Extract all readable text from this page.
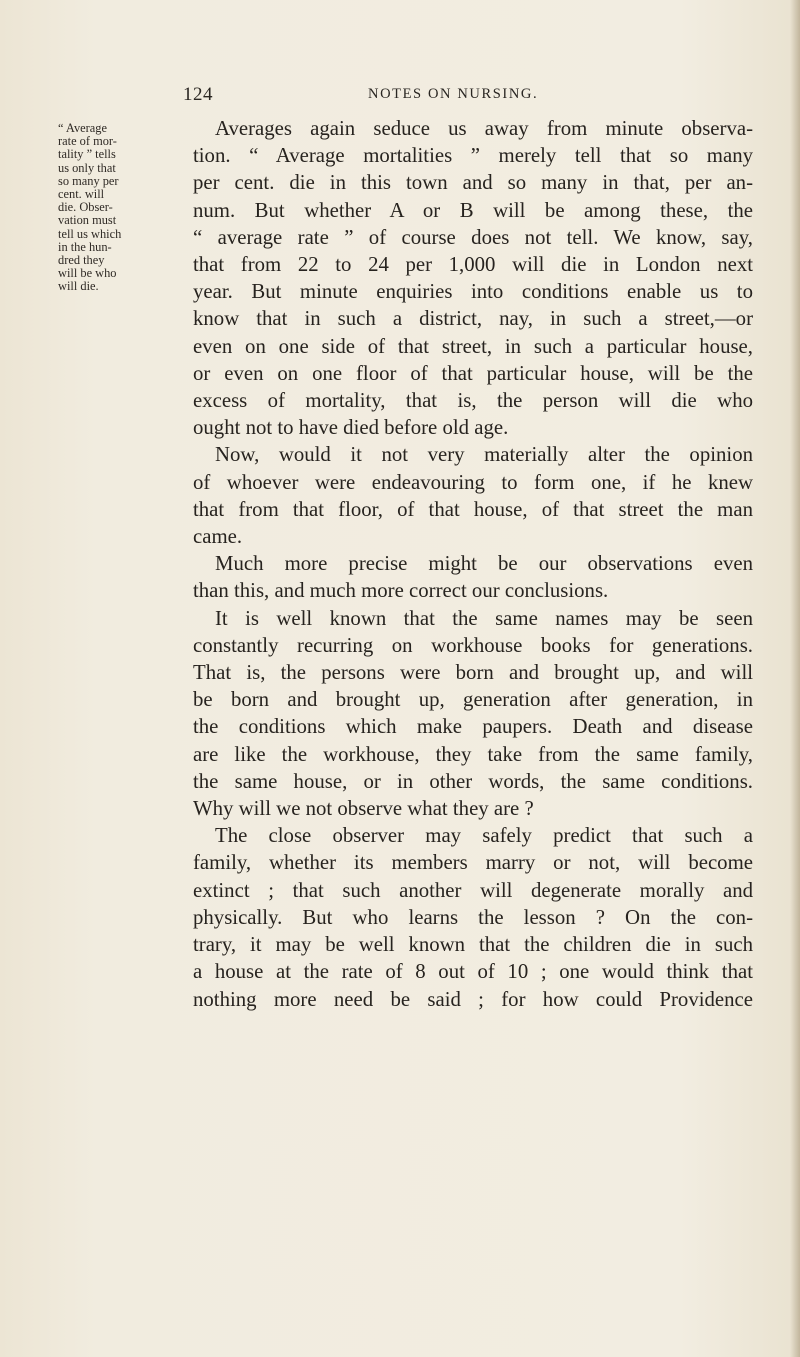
124	NOTES ON NURSING.
“ Average
rate of mor-
tality ” tells
us only that
so many per
cent. will
die. Obser-
vation must
tell us which
in the hun-
dred they
will be who
will die.
Averages again seduce us away from minute observa-
tion. “ Average mortalities ” merely tell that so many
per cent. die in this town and so many in that, per an-
num. But whether A or B will be among these, the
“ average rate ” of course does not tell. We know, say,
that from 22 to 24 per 1,000 will die in London next
year. But minute enquiries into conditions enable us to
know that in such a district, nay, in such a street,—or
even on one side of that street, in such a particular house,
or even on one floor of that particular house, will be the
excess of mortality, that is, the person will die who
ought not to have died before old age.
Now, would it not very materially alter the opinion
of whoever were endeavouring to form one, if he knew
that from that floor, of that house, of that street the man
came.
Much more precise might be our observations even
than this, and much more correct our conclusions.
It is well known that the same names may be seen
constantly recurring on workhouse books for generations.
That is, the persons were born and brought up, and will
be born and brought up, generation after generation, in
the conditions which make paupers. Death and disease
are like the workhouse, they take from the same family,
the same house, or in other words, the same conditions.
Why will we not observe what they are ?
The close observer may safely predict that such a
family, whether its members marry or not, will become
extinct ; that such another will degenerate morally and
physically. But who learns the lesson ? On the con-
trary, it may be well known that the children die in such
a house at the rate of 8 out of 10 ; one would think that
nothing more need be said ; for how could Providence
